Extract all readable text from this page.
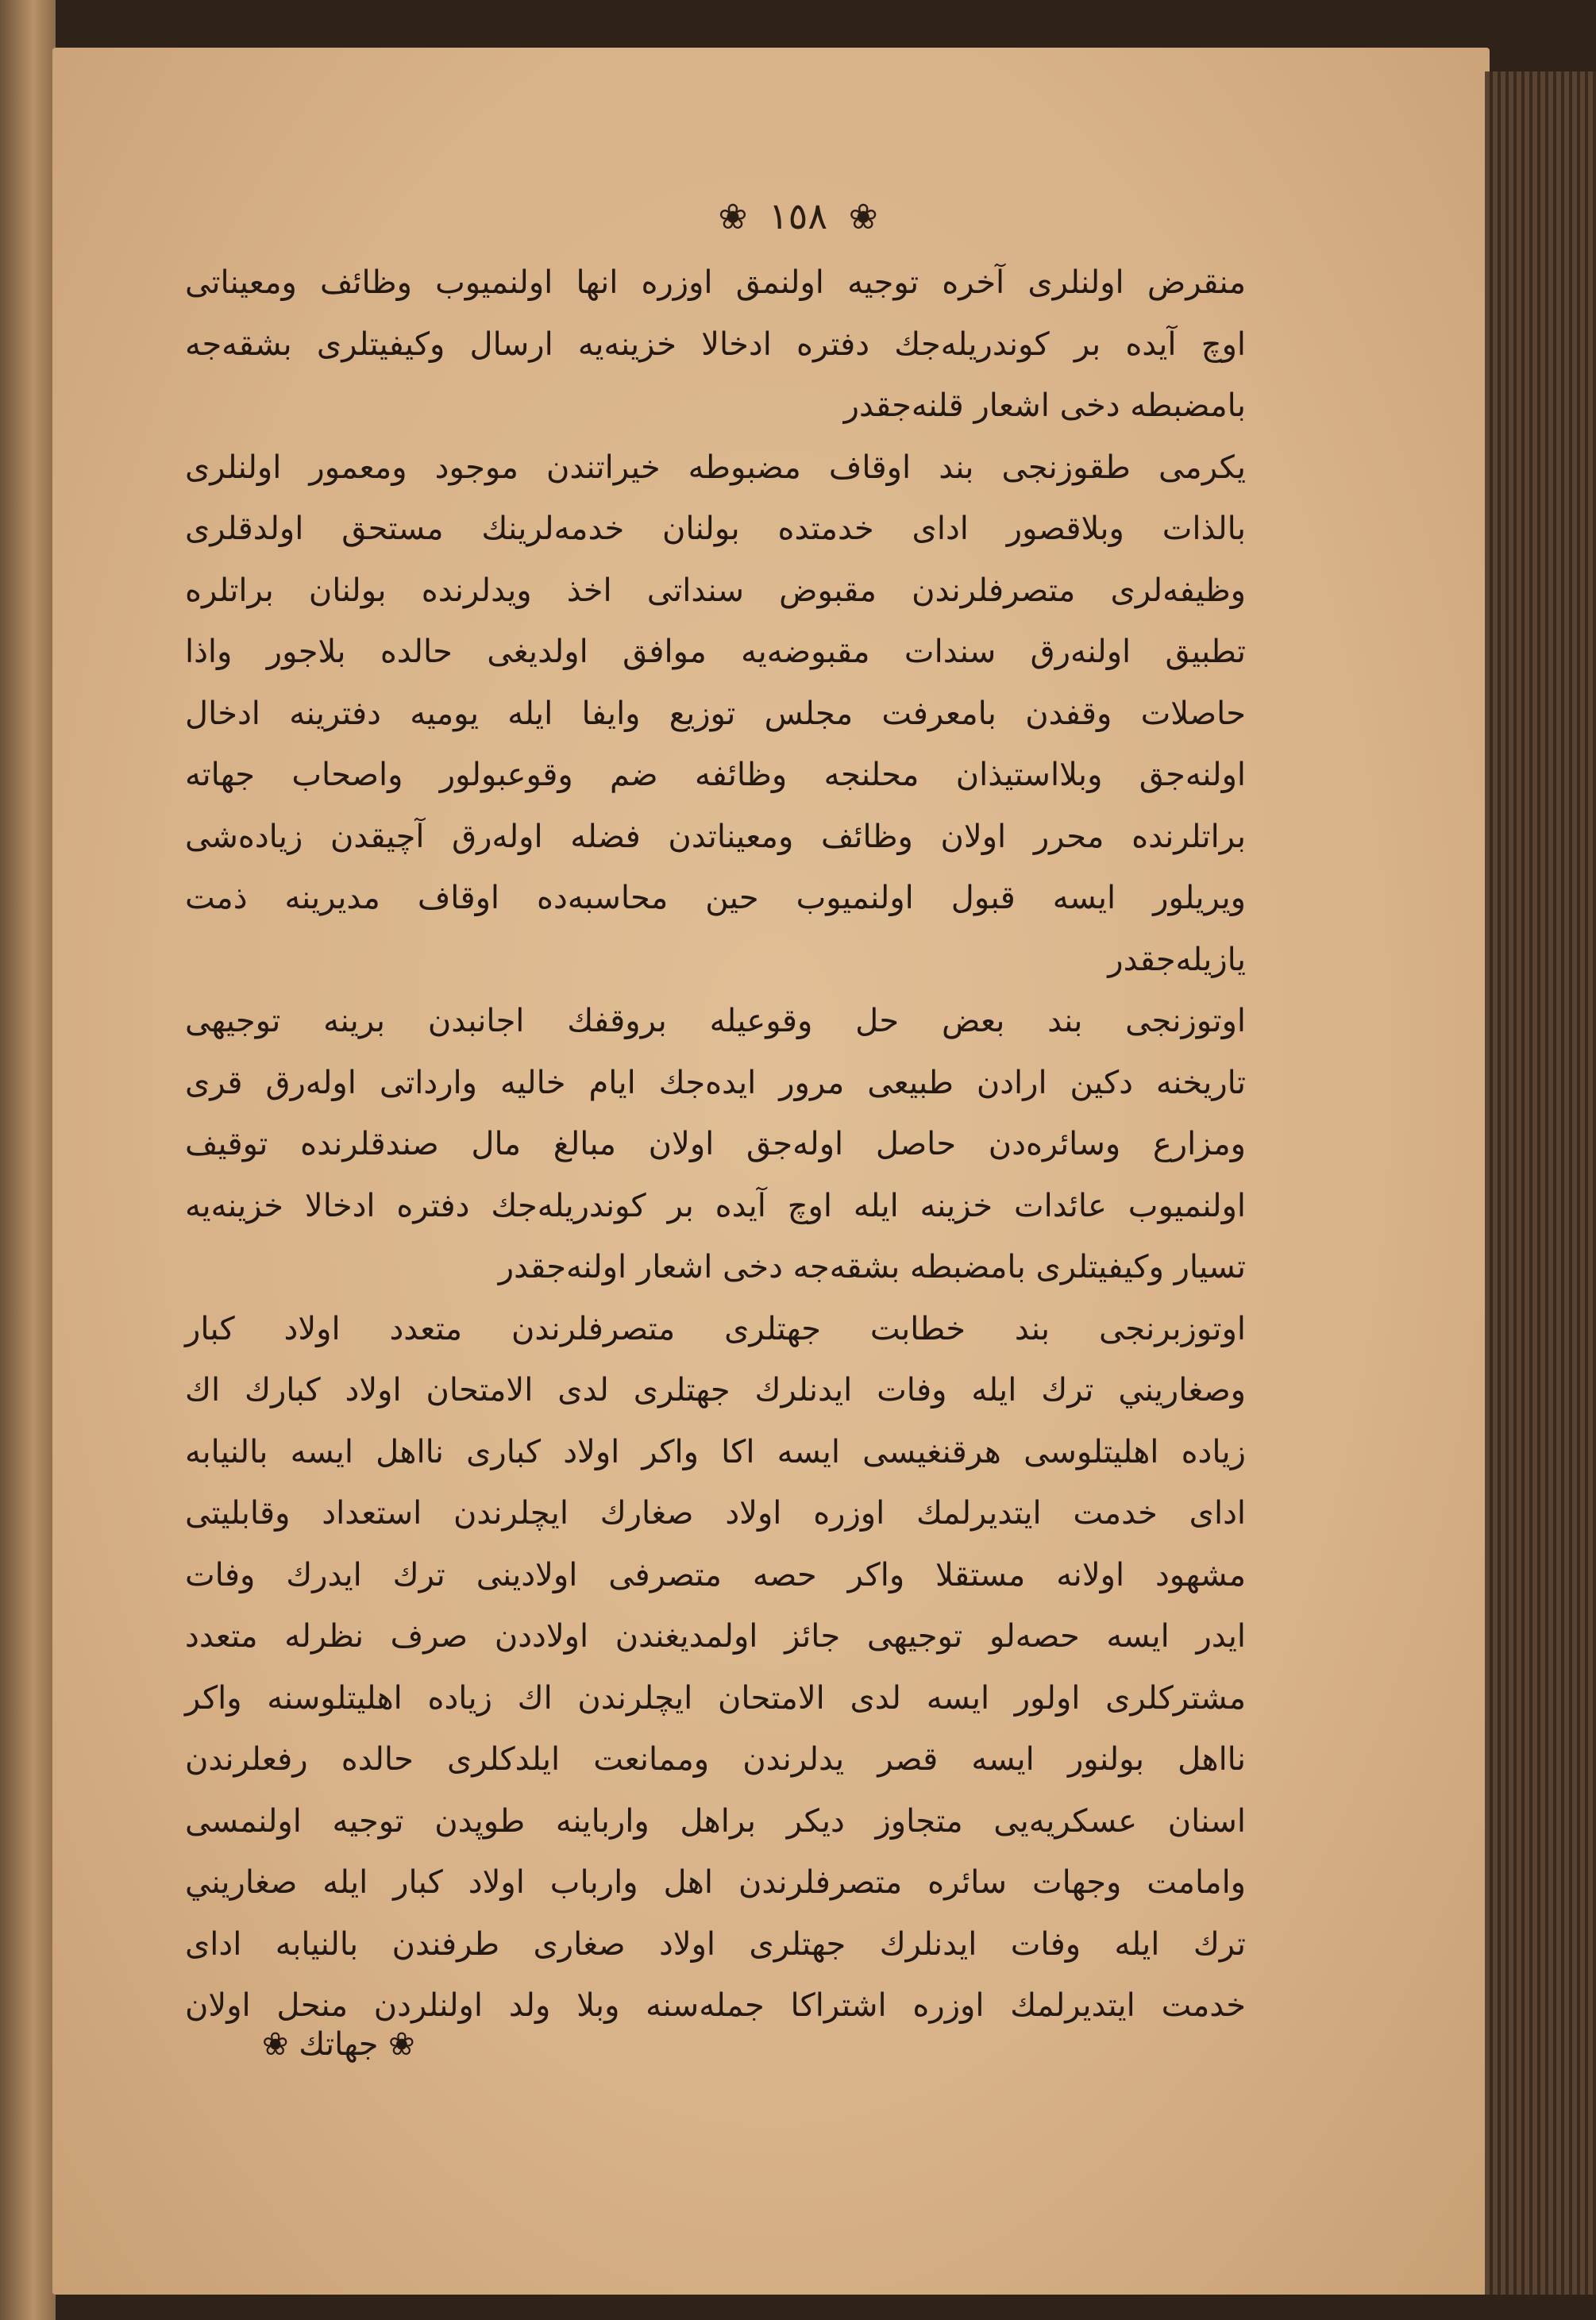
❀ ١٥٨ ❀
منقرض اولنلری آخره توجیه اولنمق اوزره انها اولنميوب وظائف ومعيناتی
اوچ آيده بر كوندريله‌جك دفتره ادخالا خزينه‌يه ارسال وكيفيتلری بشقه‌جه
بامضبطه دخی اشعار قلنه‌جقدر
يكرمی طقوزنجی بند اوقاف مضبوطه خيراتندن موجود ومعمور اولنلری
بالذات وبلاقصور ادای خدمتده بولنان خدمه‌لرينك مستحق اولدقلری
وظيفه‌لری متصرفلرندن مقبوض سنداتی اخذ ويدلرنده بولنان براتلره
تطبيق اولنه‌رق سندات مقبوضه‌يه موافق اولديغی حالده بلاجور واذا
حاصلات وقفدن بامعرفت مجلس توزيع وايفا ايله يوميه دفترينه ادخال
اولنه‌جق وبلااستيذان محلنجه وظائفه ضم وقوعبولور واصحاب جهاته
براتلرنده محرر اولان وظائف ومعيناتدن فضله اوله‌رق آچيقدن زياده‌شی
ويريلور ايسه قبول اولنميوب حين محاسبه‌ده اوقاف مديرينه ذمت
يازيله‌جقدر
اوتوزنجی بند بعض حل وقوعيله بروقفك اجانبدن برينه توجيهی
تاريخنه دكين ارادن طبيعی مرور ايده‌جك ايام خاليه وارداتی اوله‌رق قری
ومزارع وسائره‌دن حاصل اوله‌جق اولان مبالغ مال صندقلرنده توقيف
اولنميوب عائدات خزينه ايله اوچ آيده بر كوندريله‌جك دفتره ادخالا خزينه‌يه
تسيار وكيفيتلری بامضبطه بشقه‌جه دخی اشعار اولنه‌جقدر
اوتوزبرنجی بند خطابت جهتلری متصرفلرندن متعدد اولاد كبار
وصغاريني ترك ايله وفات ايدنلرك جهتلری لدی الامتحان اولاد كبارك اك
زياده اهليتلوسی هرقنغيسی ايسه اكا واكر اولاد كباری نااهل ايسه بالنيابه
ادای خدمت ايتديرلمك اوزره اولاد صغارك ايچلرندن استعداد وقابليتی
مشهود اولانه مستقلا واكر حصه متصرفی اولادينی ترك ايدرك وفات
ايدر ايسه حصه‌لو توجيهی جائز اولمديغندن اولاددن صرف نظرله متعدد
مشتركلری اولور ايسه لدی الامتحان ايچلرندن اك زياده اهليتلوسنه واكر
نااهل بولنور ايسه قصر يدلرندن وممانعت ايلدكلری حالده رفعلرندن
اسنان عسكريه‌يی متجاوز ديكر براهل وارباينه طوپدن توجيه اولنمسی
وامامت وجهات سائره متصرفلرندن اهل وارباب اولاد كبار ايله صغاريني
ترك ايله وفات ايدنلرك جهتلری اولاد صغاری طرفندن بالنيابه ادای
خدمت ايتديرلمك اوزره اشتراكا جمله‌سنه وبلا ولد اولنلردن منحل اولان
❀ جهاتك ❀
